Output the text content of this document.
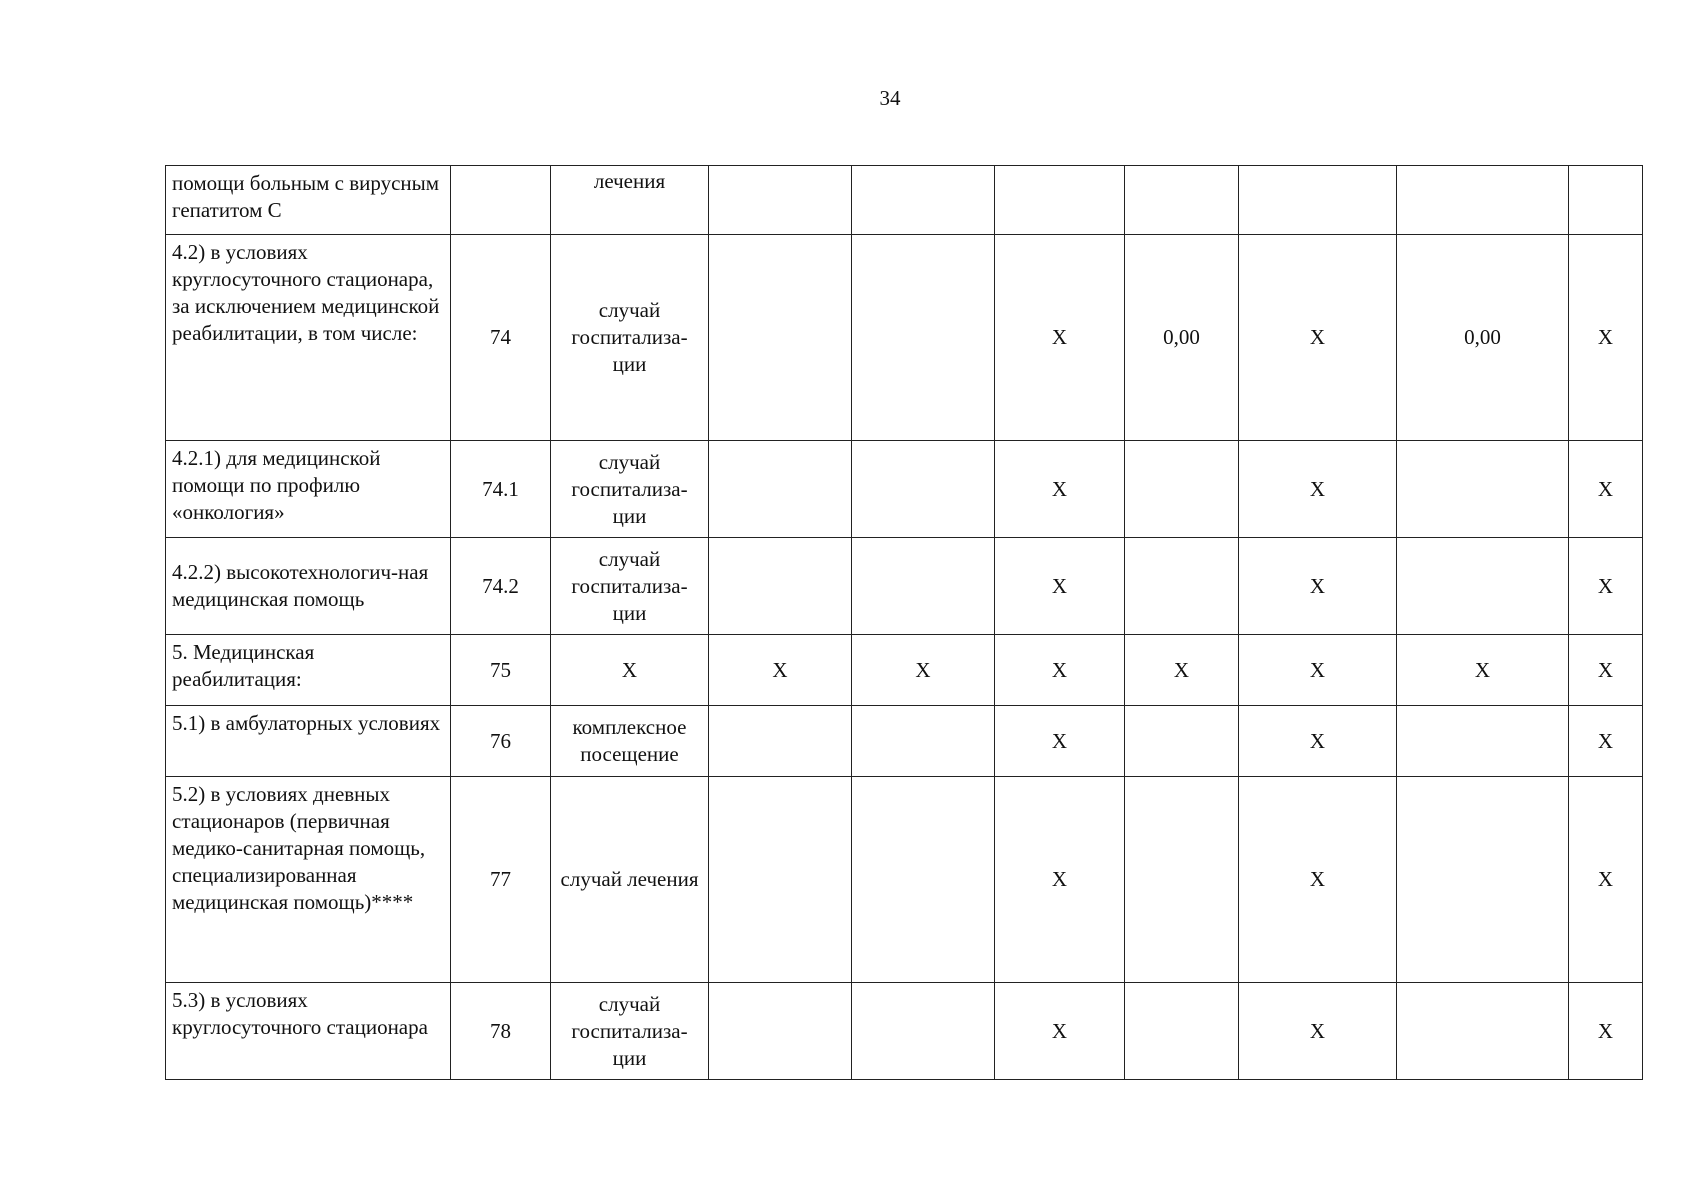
34
помощи больным с вирусным гепатитом С		лечения							
4.2) в условиях круглосуточного стационара, за исключением медицинской реабилитации, в том числе:	74	случай госпитализа-ции			Х	0,00	Х	0,00	Х
4.2.1) для медицинской помощи по профилю «онкология»	74.1	случай госпитализа-ции			Х		Х		Х
4.2.2) высокотехнологич-ная медицинская помощь	74.2	случай госпитализа-ции			Х		Х		Х
5. Медицинская реабилитация:	75	Х	Х	Х	Х	Х	Х	Х	Х
5.1) в амбулаторных условиях	76	комплексное посещение			Х		Х		Х
5.2) в условиях дневных стационаров (первичная медико-санитарная помощь, специализированная медицинская помощь)****	77	случай лечения			Х		Х		Х
5.3) в условиях круглосуточного стационара	78	случай госпитализа-ции			Х		Х		Х
